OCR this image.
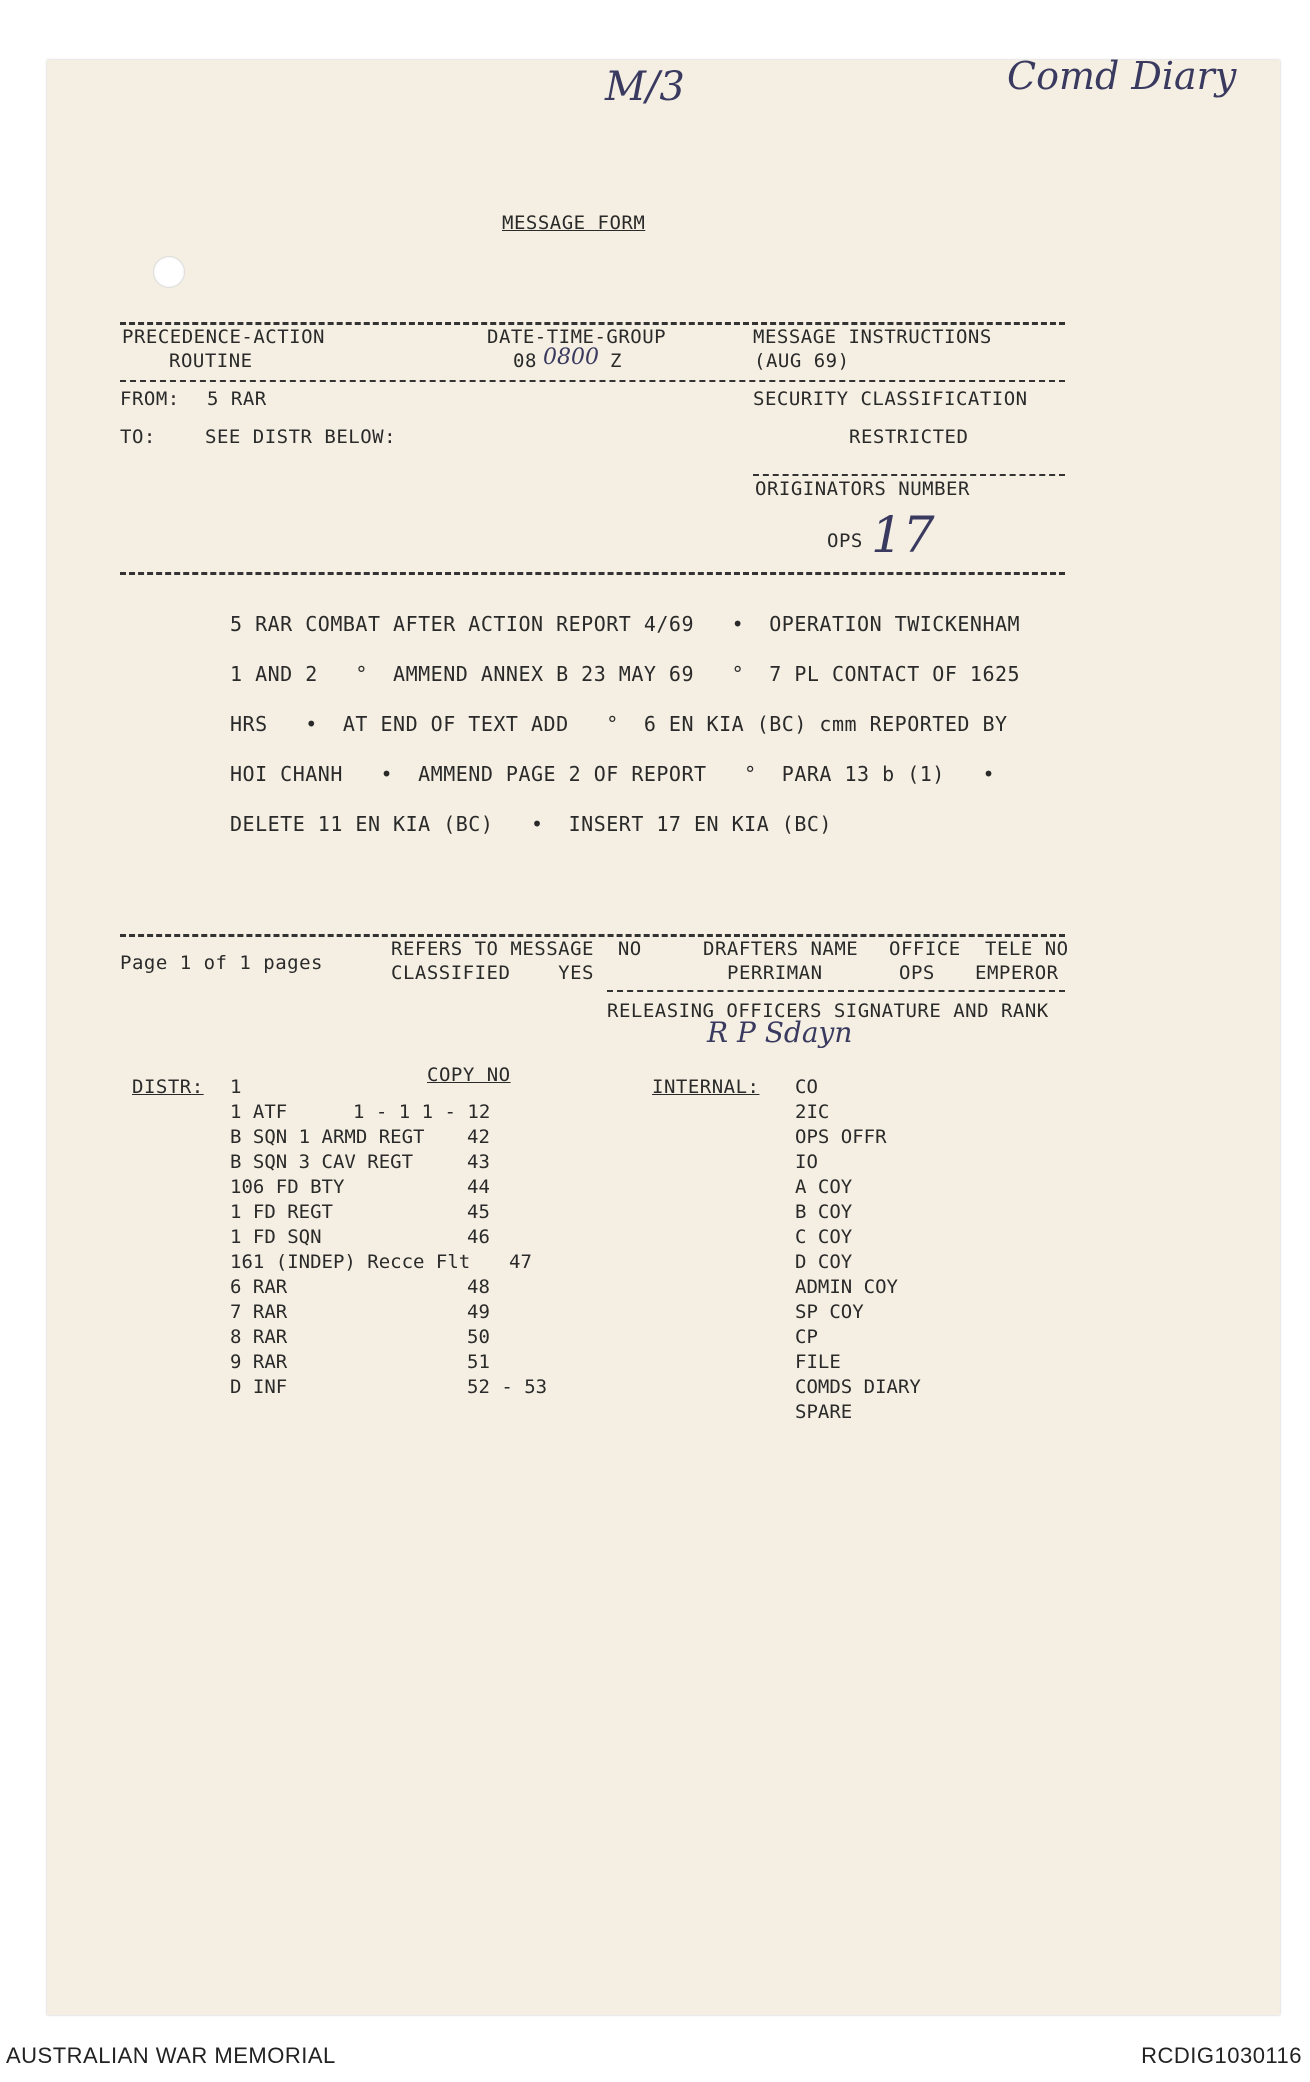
M/3	Comd Diary
MESSAGE FORM
PRECEDENCE-ACTION
ROUTINE
DATE-TIME-GROUP
08 0800 Z
MESSAGE INSTRUCTIONS
(AUG 69)
FROM: 5 RAR
TO:	SEE DISTR BELOW:
SECURITY CLASSIFICATION
RESTRICTED
ORIGINATORS NUMBER
OPS 17
5 RAR COMBAT AFTER ACTION REPORT 4/69   •  OPERATION TWICKENHAM
1 AND 2   °  AMMEND ANNEX B 23 MAY 69   °  7 PL CONTACT OF 1625
HRS   •  AT END OF TEXT ADD   °  6 EN KIA (BC) cmm REPORTED BY
HOI CHANH   •  AMMEND PAGE 2 OF REPORT   °  PARA 13 b (1)   •
DELETE 11 EN KIA (BC)   •  INSERT 17 EN KIA (BC)
Page 1 of 1 pages
REFERS TO MESSAGE  NO
CLASSIFIED    YES
DRAFTERS NAME
PERRIMAN
OFFICE
OPS
TELE NO
EMPEROR
RELEASING OFFICERS SIGNATURE AND RANK
R P Sdayn
DISTR: 1
COPY NO
INTERNAL:
1 ATF	1 - 1 1 - 12
B SQN 1 ARMD REGT 42
B SQN 3 CAV REGT	43
106 FD BTY	44
1 FD REGT	45
1 FD SQN	46
161 (INDEP) Recce Flt 47
6 RAR	48
7 RAR	49
8 RAR	50
9 RAR	51
D INF	52 - 53
CO
2IC
OPS OFFR
IO
A COY
B COY
C COY
D COY
ADMIN COY
SP COY
CP
FILE
COMDS DIARY
SPARE
AUSTRALIAN WAR MEMORIAL	RCDIG1030116
